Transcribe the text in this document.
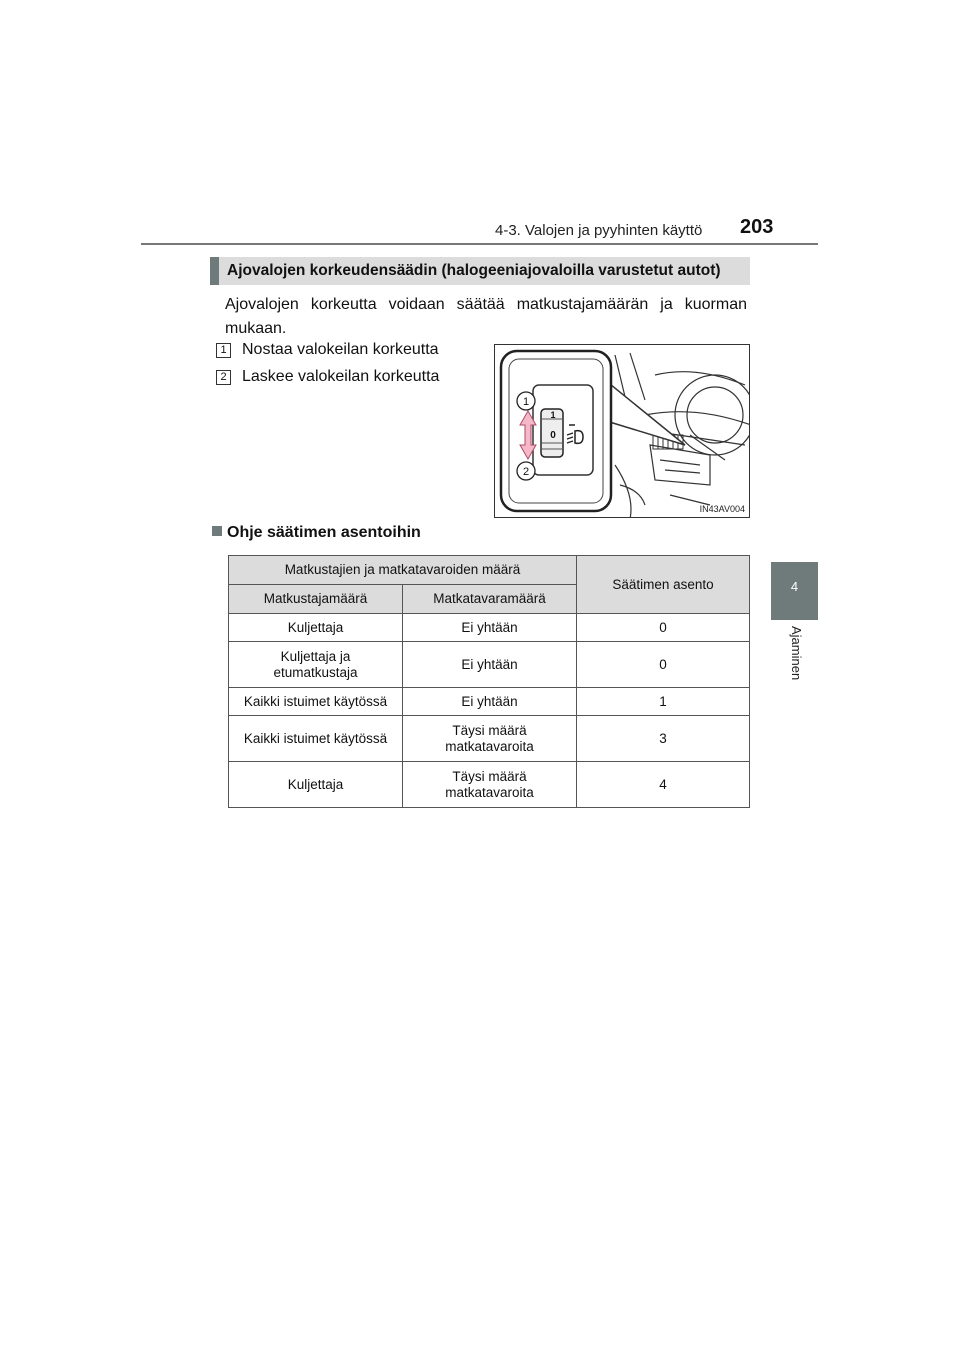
4-3. Valojen ja pyyhinten käyttö 203
4
Ajaminen
Ajovalojen korkeudensäädin (halogeeniajovaloilla varustetut autot)

Ajovalojen korkeutta voidaan säätää matkustajamäärän ja kuorman mukaan.

1 Nostaa valokeilan korkeutta
2 Laskee valokeilan korkeutta
1
2
1
0
IN43AV004
Ohje säätimen asentoihin
Matkustajien ja matkatavaroiden määrä		Säätimen asento
Matkustajamäärä	Matkatavaramäärä	
Kuljettaja	Ei yhtään	0
Kuljettaja ja etumatkustaja	Ei yhtään	0
Kaikki istuimet käytössä	Ei yhtään	1
Kaikki istuimet käytössä	Täysi määrä matkatavaroita	3
Kuljettaja	Täysi määrä matkatavaroita	4
